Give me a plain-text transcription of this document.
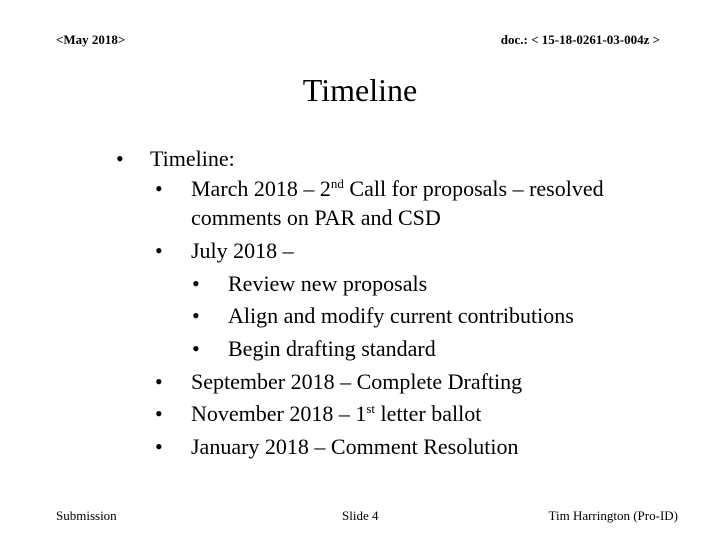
<May 2018>	doc.: < 15-18-0261-03-004z >
Timeline
• Timeline:
• March 2018 – 2nd Call for proposals – resolved
comments on PAR and CSD
• July 2018 –
• Review new proposals
• Align and modify current contributions
• Begin drafting standard
• September 2018 – Complete Drafting
• November 2018 – 1st letter ballot
• January 2018 – Comment Resolution
Submission	Slide 4	Tim Harrington (Pro-ID)
